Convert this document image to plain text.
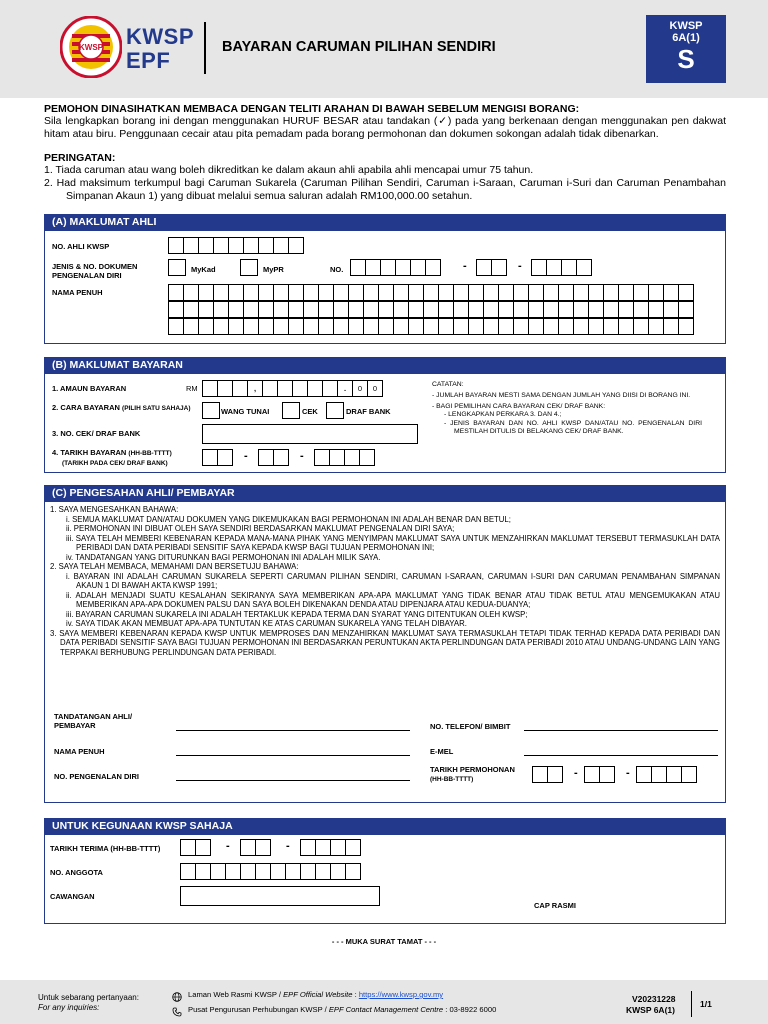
KWSP KWSP
EPF
BAYARAN CARUMAN PILIHAN SENDIRI
KWSP
6A(1)
S
PEMOHON DINASIHATKAN MEMBACA DENGAN TELITI ARAHAN DI BAWAH SEBELUM MENGISI BORANG:
Sila lengkapkan borang ini dengan menggunakan HURUF BESAR atau tandakan (✓) pada yang berkenaan dengan menggunakan pen dakwat hitam atau biru. Penggunaan cecair atau pita pemadam pada borang permohonan dan dokumen sokongan adalah tidak dibenarkan.
PERINGATAN:
1. Tiada caruman atau wang boleh dikreditkan ke dalam akaun ahli apabila ahli mencapai umur 75 tahun.
2. Had maksimum terkumpul bagi Caruman Sukarela (Caruman Pilihan Sendiri, Caruman i-Saraan, Caruman i-Suri dan Caruman Penambahan Simpanan Akaun 1) yang dibuat melalui semua saluran adalah RM100,000.00 setahun.
(A) MAKLUMAT AHLI
NO. AHLI KWSP
JENIS & NO. DOKUMEN PENGENALAN DIRI
MyKad	MyPR	NO.	-	-
NAMA PENUH
(B) MAKLUMAT BAYARAN
1. AMAUN BAYARAN	RM	,	.	0	0
2. CARA BAYARAN (PILIH SATU SAHAJA)	WANG TUNAI	CEK	DRAF BANK
3. NO. CEK/ DRAF BANK
4. TARIKH BAYARAN (HH-BB-TTTT)
(TARIKH PADA CEK/ DRAF BANK)
-	-
CATATAN:
- JUMLAH BAYARAN MESTI SAMA DENGAN JUMLAH YANG DIISI DI BORANG INI.
- BAGI PEMILIHAN CARA BAYARAN CEK/ DRAF BANK:
- LENGKAPKAN PERKARA 3. DAN 4.;
- JENIS BAYARAN DAN NO. AHLI KWSP DAN/ATAU NO. PENGENALAN DIRI MESTILAH DITULIS DI BELAKANG CEK/ DRAF BANK.
(C) PENGESAHAN AHLI/ PEMBAYAR

1. SAYA MENGESAHKAN BAHAWA:

i. SEMUA MAKLUMAT DAN/ATAU DOKUMEN YANG DIKEMUKAKAN BAGI PERMOHONAN INI ADALAH BENAR DAN BETUL;

ii. PERMOHONAN INI DIBUAT OLEH SAYA SENDIRI BERDASARKAN MAKLUMAT PENGENALAN DIRI SAYA;

iii. SAYA TELAH MEMBERI KEBENARAN KEPADA MANA-MANA PIHAK YANG MENYIMPAN MAKLUMAT SAYA UNTUK MENZAHIRKAN MAKLUMAT TERSEBUT TERMASUKLAH DATA PERIBADI DAN DATA PERIBADI SENSITIF SAYA KEPADA KWSP BAGI TUJUAN PERMOHONAN INI;

iv. TANDATANGAN YANG DITURUNKAN BAGI PERMOHONAN INI ADALAH MILIK SAYA.

2. SAYA TELAH MEMBACA, MEMAHAMI DAN BERSETUJU BAHAWA:

i. BAYARAN INI ADALAH CARUMAN SUKARELA SEPERTI CARUMAN PILIHAN SENDIRI, CARUMAN I-SARAAN, CARUMAN I-SURI DAN CARUMAN PENAMBAHAN SIMPANAN AKAUN 1 DI BAWAH AKTA KWSP 1991;

ii. ADALAH MENJADI SUATU KESALAHAN SEKIRANYA SAYA MEMBERIKAN APA-APA MAKLUMAT YANG TIDAK BENAR ATAU TIDAK BETUL ATAU MENGEMUKAKAN ATAU MEMBERIKAN APA-APA DOKUMEN PALSU DAN SAYA BOLEH DIKENAKAN DENDA ATAU DIPENJARA ATAU KEDUA-DUANYA;

iii. BAYARAN CARUMAN SUKARELA INI ADALAH TERTAKLUK KEPADA TERMA DAN SYARAT YANG DITENTUKAN OLEH KWSP;

iv. SAYA TIDAK AKAN MEMBUAT APA-APA TUNTUTAN KE ATAS CARUMAN SUKARELA YANG TELAH DIBAYAR.

3. SAYA MEMBERI KEBENARAN KEPADA KWSP UNTUK MEMPROSES DAN MENZAHIRKAN MAKLUMAT SAYA TERMASUKLAH TETAPI TIDAK TERHAD KEPADA DATA PERIBADI DAN DATA PERIBADI SENSITIF SAYA BAGI TUJUAN PERMOHONAN INI BERDASARKAN PERUNTUKAN AKTA PERLINDUNGAN DATA PERIBADI 2010 ATAU UNDANG-UNDANG LAIN YANG TERPAKAI BERHUBUNG PERLINDUNGAN DATA PERIBADI.

TANDATANGAN AHLI/ PEMBAYAR	NO. TELEFON/ BIMBIT
NAMA PENUH	E-MEL
NO. PENGENALAN DIRI
TARIKH PERMOHONAN
(HH-BB-TTTT)
-	-
UNTUK KEGUNAAN KWSP SAHAJA
TARIKH TERIMA (HH-BB-TTTT)	-	-
NO. ANGGOTA
CAWANGAN
CAP RASMI
- - - MUKA SURAT TAMAT - - -
Untuk sebarang pertanyaan:
For any inquiries:
Laman Web Rasmi KWSP / EPF Official Website : https://www.kwsp.gov.my
Pusat Pengurusan Perhubungan KWSP / EPF Contact Management Centre : 03-8922 6000
V20231228
KWSP 6A(1)
1/1
